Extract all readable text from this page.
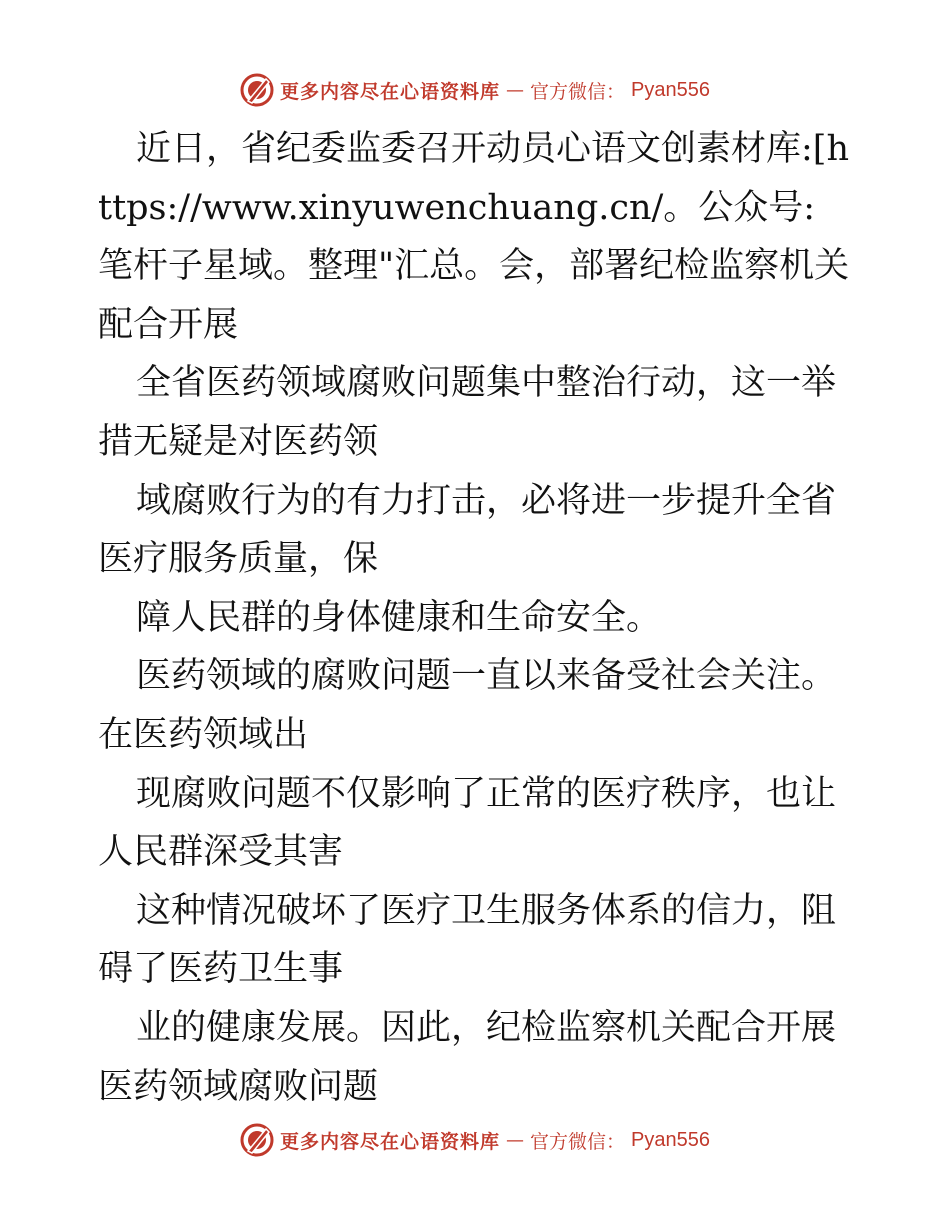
更多内容尽在心语资料库 — 官方微信： Pyan556

近日，省纪委监委召开动员心语文创素材库:[https://www.xinyuwenchuang.cn/。公众号: 笔杆子星域。整理"汇总。会，部署纪检监察机关配合开展

全省医药领域腐败问题集中整治行动，这一举措无疑是对医药领

域腐败行为的有力打击，必将进一步提升全省医疗服务质量，保

障人民群的身体健康和生命安全。

医药领域的腐败问题一直以来备受社会关注。在医药领域出

现腐败问题不仅影响了正常的医疗秩序，也让人民群深受其害

这种情况破坏了医疗卫生服务体系的信力，阻碍了医药卫生事

业的健康发展。因此，纪检监察机关配合开展医药领域腐败问题

更多内容尽在心语资料库 — 官方微信： Pyan556
